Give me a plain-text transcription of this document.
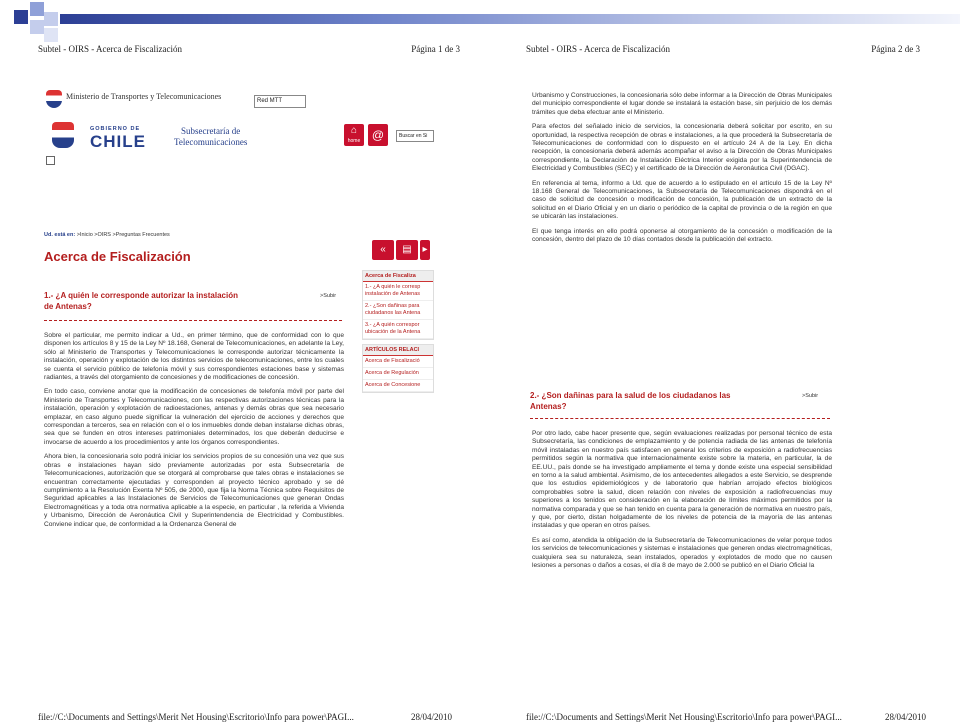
Subtel - OIRS - Acerca de Fiscalización	Página 1 de 3
Ministerio de Transportes y Telecomunicaciones	Red MTT
GOBIERNO DE
CHILE
Subsecretaría de
Telecomunicaciones
⌂
home @	Buscar en Si
Ud. está en: >Inicio >OIRS >Preguntas Frecuentes
«	▤	▸
Acerca de Fiscalización
1.- ¿A quién le corresponde autorizar la instalación
de Antenas?
>Subir
Acerca de Fiscaliza
1.- ¿A quién le corresp instalación de Antenas
2.- ¿Son dañinas para ciudadanos las Antena
3.- ¿A quién correspor ubicación de la Antena
ARTÍCULOS RELACI
Acerca de Fiscalizació
Acerca de Regulación
Acerca de Concesione

Sobre el particular, me permito indicar a Ud., en primer término, que de conformidad con lo que disponen los artículos 8 y 15 de la Ley Nº 18.168, General de Telecomunicaciones, en adelante la Ley, sólo al Ministerio de Transportes y Telecomunicaciones le corresponde autorizar técnicamente la instalación, operación y explotación de los distintos servicios de telecomunicaciones, entre los cuales se cuenta el servicio público de telefonía móvil y sus correspondientes estaciones base y sistemas radiantes, a través del otorgamiento de concesiones y de modificaciones de concesión.

En todo caso, conviene anotar que la modificación de concesiones de telefonía móvil por parte del Ministerio de Transportes y Telecomunicaciones, con las respectivas autorizaciones técnicas para la instalación, operación y explotación de radioestaciones, antenas y demás obras que sea necesario emplazar, en caso alguno puede significar la vulneración del ejercicio de acciones y derechos que correspondan a terceros, sea en relación con el o los inmuebles donde deban instalarse dichas obras, sea que se funden en otros intereses patrimoniales determinados, los que deberán deducirse e invocarse de acuerdo a los procedimientos y ante los órganos correspondientes.

Ahora bien, la concesionaria solo podrá iniciar los servicios propios de su concesión una vez que sus obras e instalaciones hayan sido previamente autorizadas por esta Subsecretaría de Telecomunicaciones, autorización que se otorgará al comprobarse que tales obras e instalaciones se encuentran correctamente ejecutadas y corresponden al proyecto técnico aprobado y se dé cumplimiento a la Resolución Exenta Nº 505, de 2000, que fija la Norma Técnica sobre Requisitos de Seguridad aplicables a las Instalaciones de Servicios de Telecomunicaciones que generan Ondas Electromagnéticas y a toda otra normativa aplicable a la especie, en particular , la referida a Vivienda y Urbanismo, Dirección de Aeronáutica Civil y Superintendencia de Electricidad y Combustibles. Conviene indicar que, de conformidad a la Ordenanza General de

file://C:\Documents and Settings\Merit Net Housing\Escritorio\Info para power\PAGI...	28/04/2010
Subtel - OIRS - Acerca de Fiscalización	Página 2 de 3

Urbanismo y Construcciones, la concesionaria sólo debe informar a la Dirección de Obras Municipales del municipio correspondiente el lugar donde se instalará la estación base, sin perjuicio de los demás trámites que deba efectuar ante el Ministerio.

Para efectos del señalado inicio de servicios, la concesionaria deberá solicitar por escrito, en su oportunidad, la respectiva recepción de obras e instalaciones, a la que procederá la Subsecretaría de Telecomunicaciones de conformidad con lo dispuesto en el artículo 24 A de la Ley. En dicha recepción, la concesionaria deberá además acompañar el aviso a la Dirección de Obras Municipales correspondiente, la Declaración de Instalación Eléctrica Interior exigida por la Superintendencia de Electricidad y Combustibles (SEC) y el certificado de la Dirección de Aeronáutica Civil (DGAC).

En referencia al tema, informo a Ud. que de acuerdo a lo estipulado en el artículo 15 de la Ley Nº 18.168 General de Telecomunicaciones, la Subsecretaría de Telecomunicaciones dispondrá en el caso de solicitud de concesión o modificación de concesión, la publicación de un extracto de la solicitud en el Diario Oficial y en un diario o periódico de la capital de provincia o de la región en que se ubicarán las instalaciones.

El que tenga interés en ello podrá oponerse al otorgamiento de la concesión o modificación de la concesión, dentro del plazo de 10 días contados desde la publicación del extracto.

2.- ¿Son dañinas para la salud de los ciudadanos las
Antenas?
>Subir

Por otro lado, cabe hacer presente que, según evaluaciones realizadas por personal técnico de esta Subsecretaría, las condiciones de emplazamiento y de potencia radiada de las antenas de telefonía móvil instaladas en nuestro país satisfacen en general los criterios de exposición a radiofrecuencias permitidos según la normativa que internacionalmente existe sobre la materia, en particular, la de EE.UU., país donde se ha investigado ampliamente el tema y donde existe una especial sensibilidad en torno a la salud ambiental. Asimismo, de los antecedentes allegados a este Servicio, se desprende que los estudios epidemiológicos y de laboratorio que habrían arrojado efectos biológicos comprobables sobre la salud, dicen relación con niveles de exposición a radiofrecuencias muy superiores a los tenidos en consideración en la elaboración de límites máximos permitidos por la normativa comparada y que se han tenido en cuenta para la generación de normativa en nuestro país, y que, por cierto, distan holgadamente de los niveles de potencia de la mayoría de las antenas instaladas y que operan en otros países.

Es así como, atendida la obligación de la Subsecretaría de Telecomunicaciones de velar porque todos los servicios de telecomunicaciones y sistemas e instalaciones que generen ondas electromagnéticas, cualquiera sea su naturaleza, sean instalados, operados y explotados de modo que no causen lesiones a personas o daños a cosas, el día 8 de mayo de 2.000 se publicó en el Diario Oficial la

file://C:\Documents and Settings\Merit Net Housing\Escritorio\Info para power\PAGI...	28/04/2010
